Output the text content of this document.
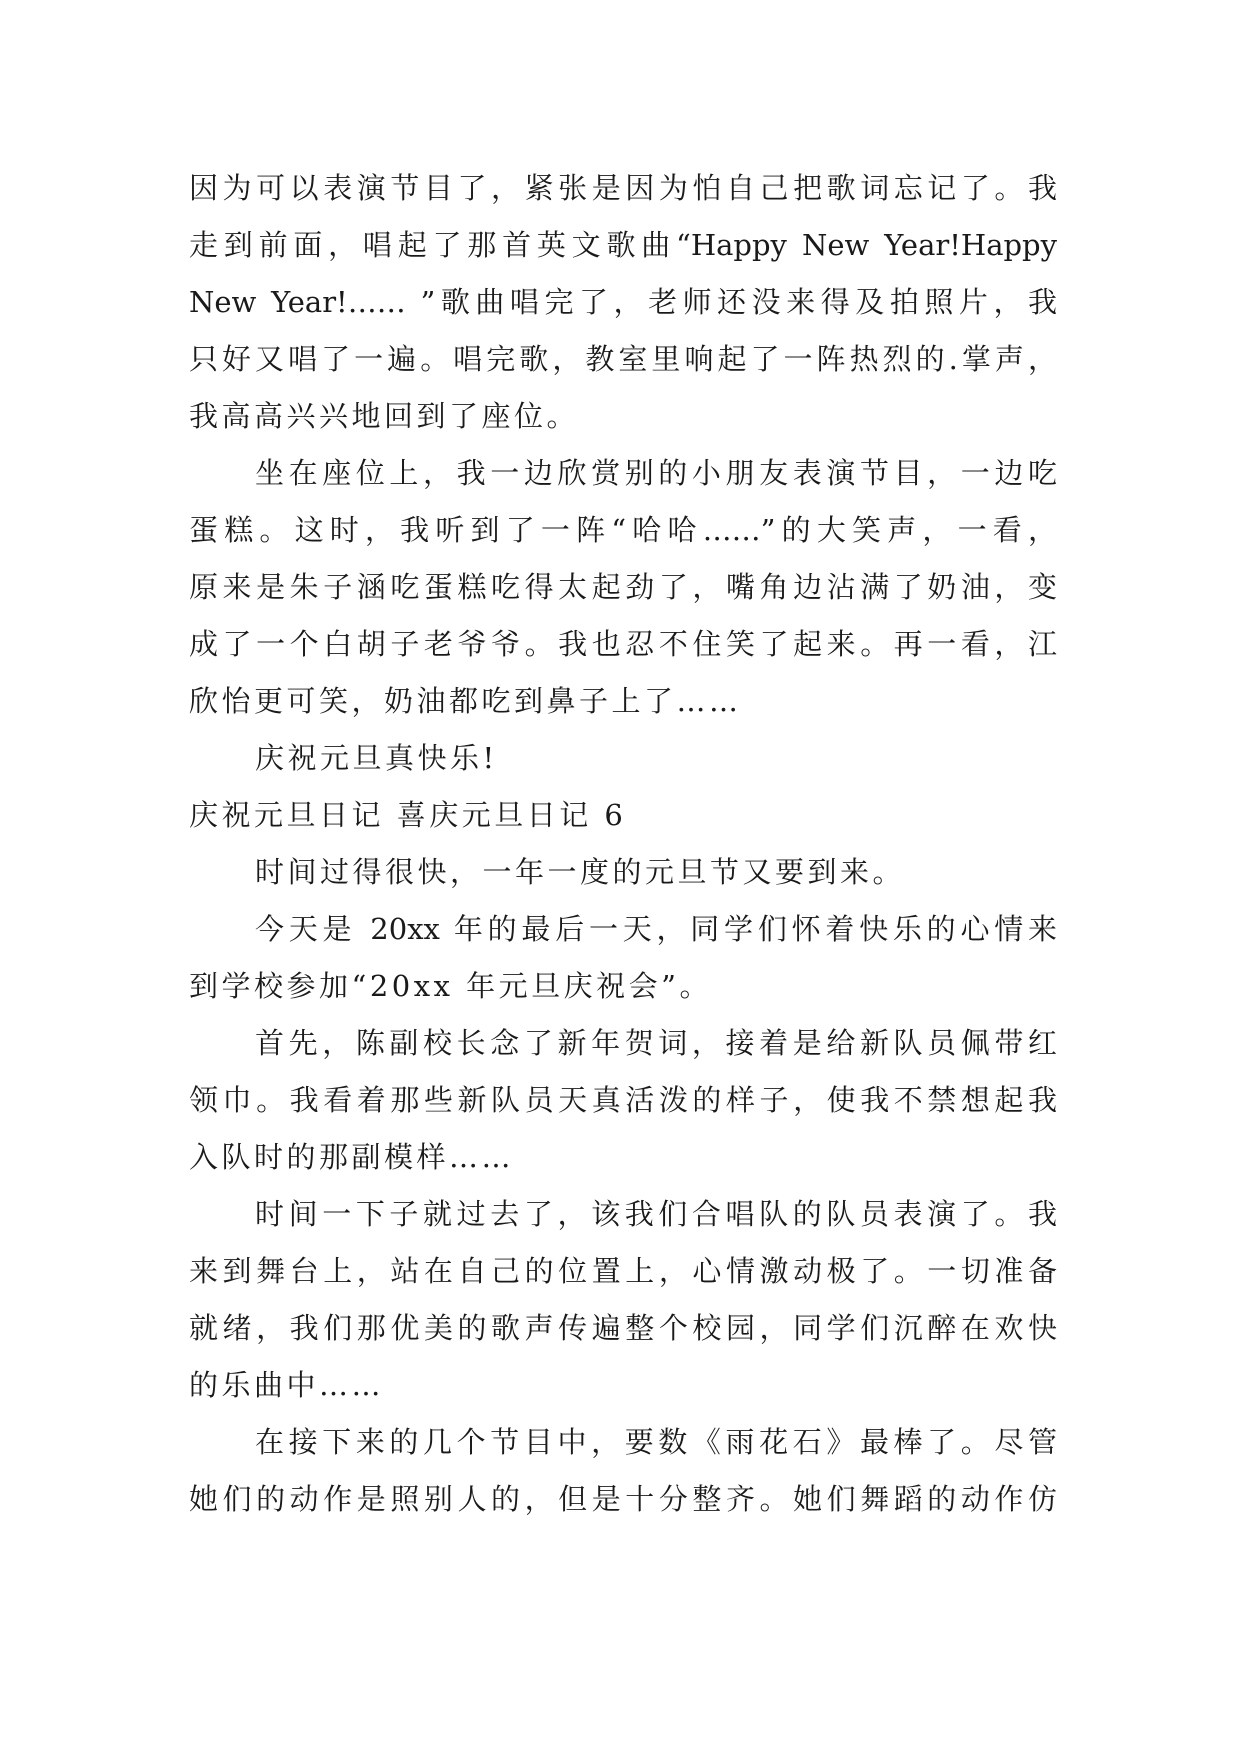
因为可以表演节目了，紧张是因为怕自己把歌词忘记了。我
走到前面，唱起了那首英文歌曲“Happy New Year!Happy
New Year!…… ”歌曲唱完了，老师还没来得及拍照片，我
只好又唱了一遍。唱完歌，教室里响起了一阵热烈的.掌声，
我高高兴兴地回到了座位。
坐在座位上，我一边欣赏别的小朋友表演节目，一边吃
蛋糕。这时，我听到了一阵“哈哈……”的大笑声，一看，
原来是朱子涵吃蛋糕吃得太起劲了，嘴角边沾满了奶油，变
成了一个白胡子老爷爷。我也忍不住笑了起来。再一看，江
欣怡更可笑，奶油都吃到鼻子上了……
庆祝元旦真快乐!
庆祝元旦日记 喜庆元旦日记 6
时间过得很快，一年一度的元旦节又要到来。
今天是 20xx 年的最后一天，同学们怀着快乐的心情来
到学校参加“20xx 年元旦庆祝会”。
首先，陈副校长念了新年贺词，接着是给新队员佩带红
领巾。我看着那些新队员天真活泼的样子，使我不禁想起我
入队时的那副模样……
时间一下子就过去了，该我们合唱队的队员表演了。我
来到舞台上，站在自己的位置上，心情激动极了。一切准备
就绪，我们那优美的歌声传遍整个校园，同学们沉醉在欢快
的乐曲中……
在接下来的几个节目中，要数《雨花石》最棒了。尽管
她们的动作是照别人的，但是十分整齐。她们舞蹈的动作仿
